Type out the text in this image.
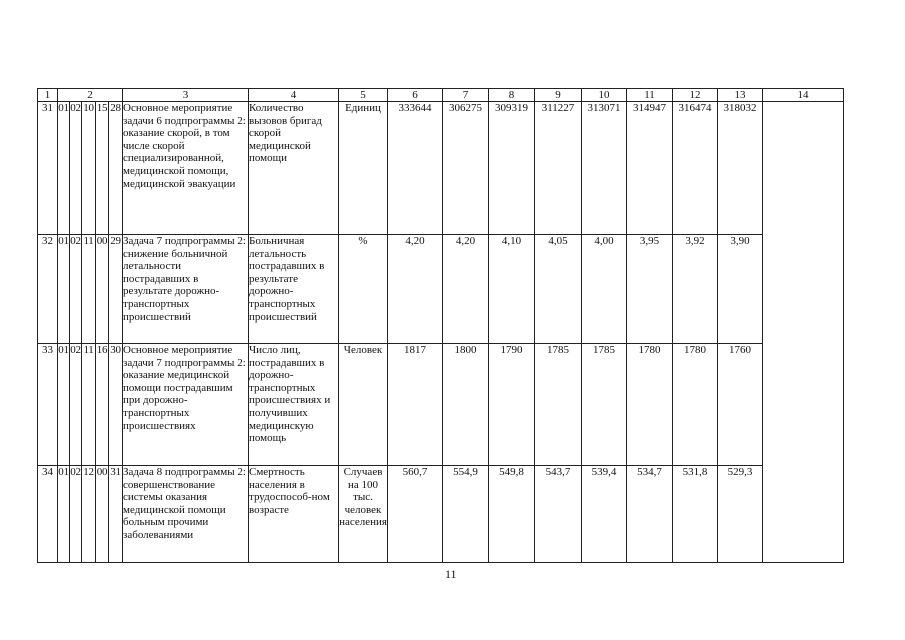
1	2					3	4	5	6	7	8	9	10	11	12	13	14
31	01	02	10	15	28	Основное мероприятие задачи 6 подпрограммы 2: оказание скорой, в том числе скорой специализированной, медицинской помощи, медицинской эвакуации	Количество вызовов бригад скорой медицинской помощи	Единиц	333644	306275	309319	311227	313071	314947	316474	318032	
32	01	02	11	00	29	Задача 7 подпрограммы 2: снижение больничной летальности пострадавших в результате дорожно-транспортных происшествий	Больничная летальность пострадавших в результате дорожно-транспортных происшествий	%	4,20	4,20	4,10	4,05	4,00	3,95	3,92	3,90	
33	01	02	11	16	30	Основное мероприятие задачи 7 подпрограммы 2: оказание медицинской помощи пострадавшим при дорожно-транспортных происшествиях	Число лиц, пострадавших в дорожно-транспортных происшествиях и получивших медицинскую помощь	Человек	1817	1800	1790	1785	1785	1780	1780	1760	
34	01	02	12	00	31	Задача 8 подпрограммы 2: совершенствование системы оказания медицинской помощи больным прочими заболеваниями	Смертность населения в трудоспособ-ном возрасте	Случаев на 100 тыс. человек населения	560,7	554,9	549,8	543,7	539,4	534,7	531,8	529,3	
11
